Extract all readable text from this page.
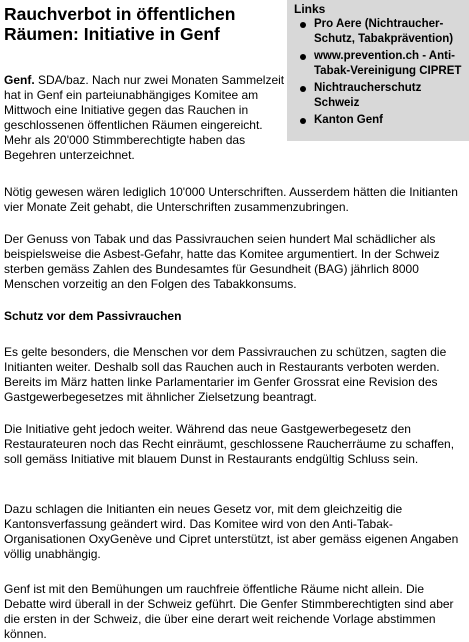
Rauchverbot in öffentlichen Räumen: Initiative in Genf
Links
Pro Aere (Nichtraucher-Schutz, Tabakprävention)
www.prevention.ch - Anti-Tabak-Vereinigung CIPRET
Nichtraucherschutz Schweiz
Kanton Genf

Genf. SDA/baz. Nach nur zwei Monaten Sammelzeit hat in Genf ein parteiunabhängiges Komitee am Mittwoch eine Initiative gegen das Rauchen in geschlossenen öffentlichen Räumen eingereicht. Mehr als 20'000 Stimmberechtigte haben das Begehren unterzeichnet.

Nötig gewesen wären lediglich 10'000 Unterschriften. Ausserdem hätten die Initianten vier Monate Zeit gehabt, die Unterschriften zusammenzubringen.

Der Genuss von Tabak und das Passivrauchen seien hundert Mal schädlicher als beispielsweise die Asbest-Gefahr, hatte das Komitee argumentiert. In der Schweiz sterben gemäss Zahlen des Bundesamtes für Gesundheit (BAG) jährlich 8000 Menschen vorzeitig an den Folgen des Tabakkonsums.

Schutz vor dem Passivrauchen

Es gelte besonders, die Menschen vor dem Passivrauchen zu schützen, sagten die Initianten weiter. Deshalb soll das Rauchen auch in Restaurants verboten werden. Bereits im März hatten linke Parlamentarier im Genfer Grossrat eine Revision des Gastgewerbegesetzes mit ähnlicher Zielsetzung beantragt.

Die Initiative geht jedoch weiter. Während das neue Gastgewerbegesetz den Restaurateuren noch das Recht einräumt, geschlossene Raucherräume zu schaffen, soll gemäss Initiative mit blauem Dunst in Restaurants endgültig Schluss sein.

Dazu schlagen die Initianten ein neues Gesetz vor, mit dem gleichzeitig die Kantonsverfassung geändert wird. Das Komitee wird von den Anti-Tabak-Organisationen OxyGenève und Cipret unterstützt, ist aber gemäss eigenen Angaben völlig unabhängig.

Genf ist mit den Bemühungen um rauchfreie öffentliche Räume nicht allein. Die Debatte wird überall in der Schweiz geführt. Die Genfer Stimmberechtigten sind aber die ersten in der Schweiz, die über eine derart weit reichende Vorlage abstimmen können.
